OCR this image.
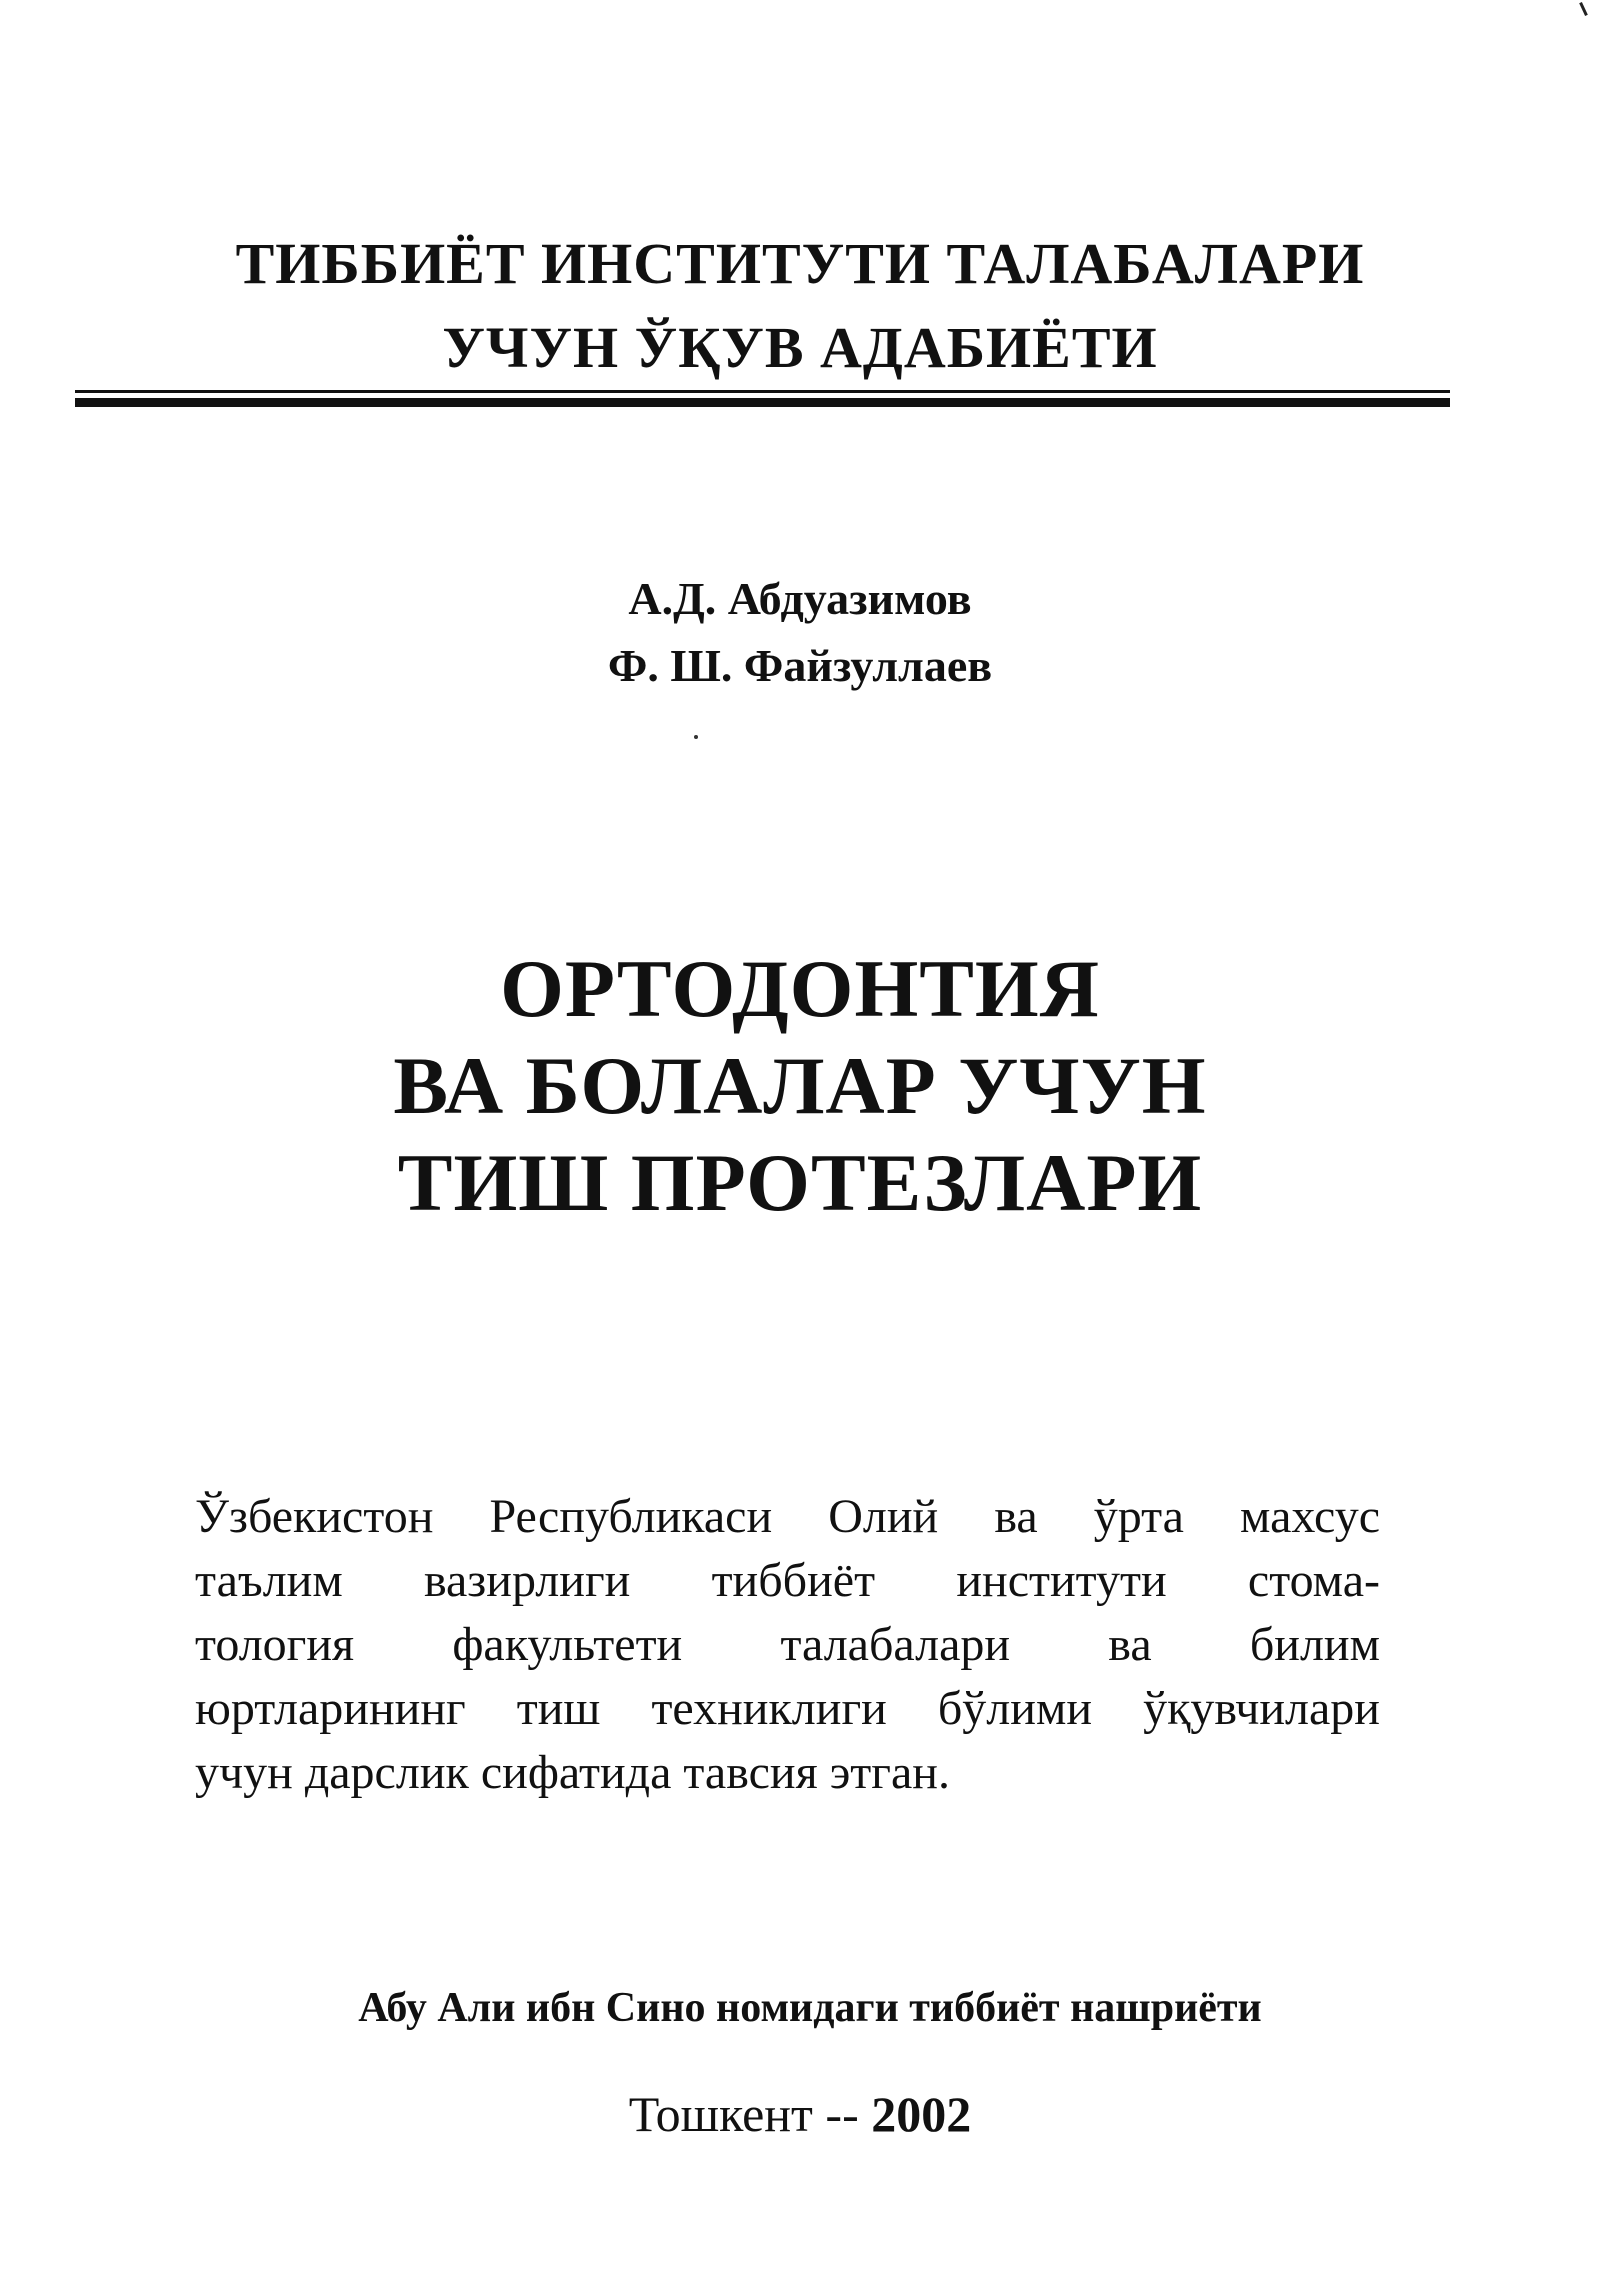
ТИББИЁТ ИНСТИТУТИ ТАЛАБАЛАРИ
УЧУН ЎҚУВ АДАБИЁТИ
А.Д. Абдуазимов
Ф. Ш. Файзуллаев
ОРТОДОНТИЯ
ВА БОЛАЛАР УЧУН
ТИШ ПРОТЕЗЛАРИ
Ўзбекистон Республикаси Олий ва ўрта махсус
таълим вазирлиги тиббиёт институти стома-
тология факультети талабалари ва билим
юртларининг тиш техниклиги бўлими ўқувчилари
учун дарслик сифатида тавсия этган.
Абу Али ибн Сино номидаги тиббиёт нашриёти
Тошкент -- 2002
